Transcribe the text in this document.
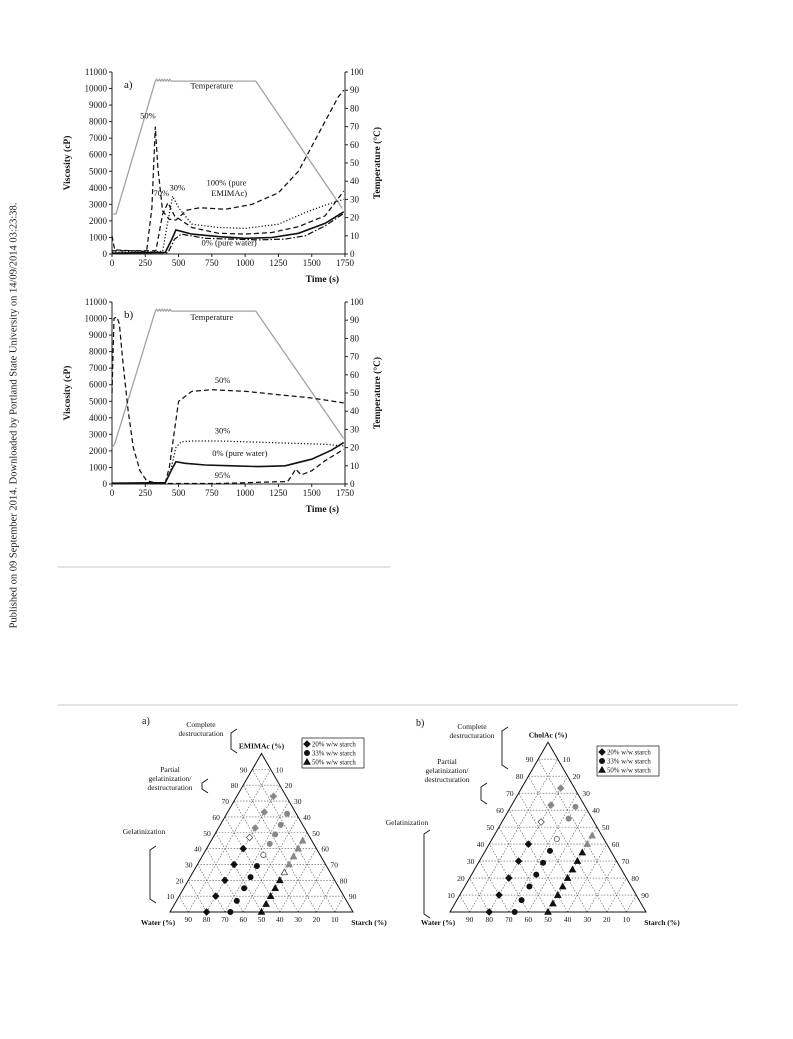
Published on 09 September 2014. Downloaded by Portland State University on 14/09/2014 03:23:38.	0
1000
2000
3000
4000
5000
6000
7000
8000
9000
10000
11000
0
10
20
30
40
50
60
70
80
90
100
0	250 500 750 1000 1250 1500 1750
Time (s)
Viscosity (cP)	Temperature (°C)
a)	Temperature
50%
70%
30%	100% (pure
EMIMAc)
0% (pure water)
0
1000
2000
3000
4000
5000
6000
7000
8000
9000
10000
11000
0
10
20
30
40
50
60
70
80
90
100
0	250 500 750 1000 1250 1500 1750
Time (s)
Viscosity (cP)	Temperature (°C)
b)	Temperature
50%
30%
0% (pure water)
95%
10
10
20
20
30
30
40
40
50	50
60
60
70
70
80
80
90
90
90 80 70 60 50 40 30 20 10
EMIMAc (%)
Water (%)	Starch (%)
a)	Complete
destructuration
Partial
gelatinization/
destructuration
Gelatinization
20% w/w starch
33% w/w starch
50% w/w starch
10
10
20
20
30
30
40
40
50	50
60
60
70
70
80
80
90
90
90 80 70 60 50 40 30 20 10
CholAc (%)
Water (%)	Starch (%)
b)	Complete
destructuration
Partial
gelatinization/
destructuration
Gelatinization
20% w/w starch
33% w/w starch
50% w/w starch
